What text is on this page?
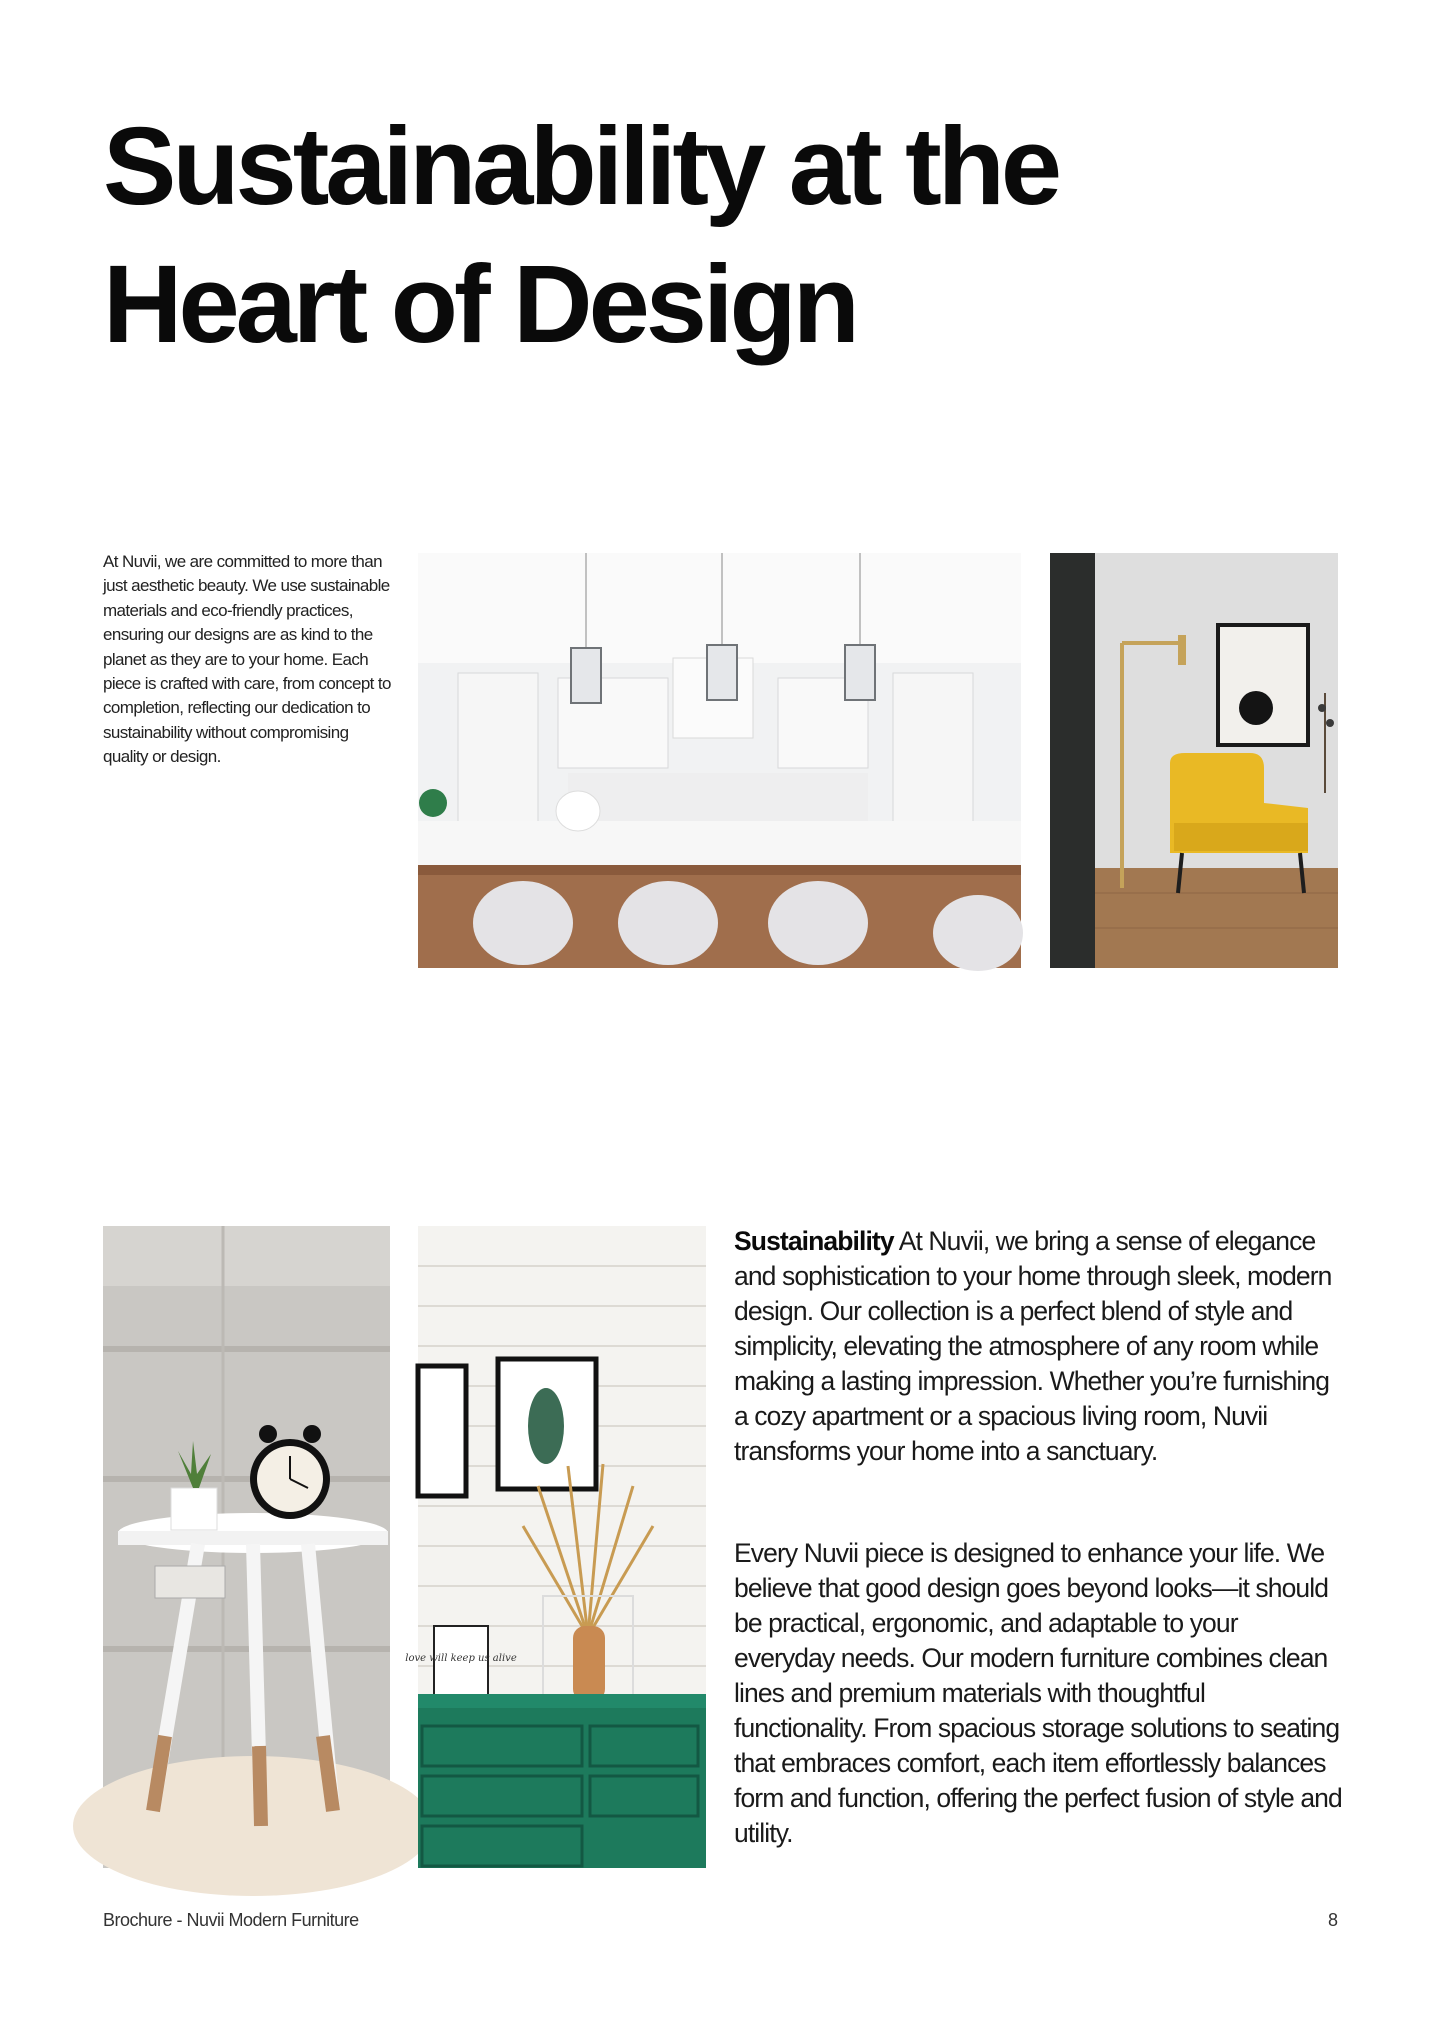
Sustainability at the
Heart of Design

At Nuvii, we are committed to more than just aesthetic beauty. We use sustainable materials and eco-friendly practices, ensuring our designs are as kind to the planet as they are to your home. Each piece is crafted with care, from concept to completion, reflecting our dedication to sustainability without compromising quality or design.

love will keep us alive

Sustainability At Nuvii, we bring a sense of elegance and sophistication to your home through sleek, modern design. Our collection is a perfect blend of style and simplicity, elevating the atmosphere of any room while making a lasting impression. Whether you’re furnishing a cozy apartment or a spacious living room, Nuvii transforms your home into a sanctuary.

Every Nuvii piece is designed to enhance your life. We believe that good design goes beyond looks—it should be practical, ergonomic, and adaptable to your everyday needs. Our modern furniture combines clean lines and premium materials with thoughtful functionality. From spacious storage solutions to seating that embraces comfort, each item effortlessly balances form and function, offering the perfect fusion of style and utility.

Brochure - Nuvii Modern Furniture	8
